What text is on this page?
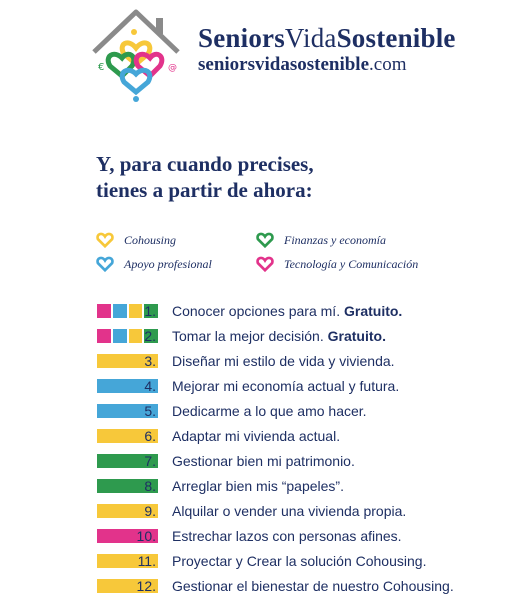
€	@
SeniorsVidaSostenible
seniorsvidasostenible.com
Y, para cuando precises,
tienes a partir de ahora:
Cohousing	Finanzas y economía
Apoyo profesional	Tecnología y Comunicación
1. Conocer opciones para mí. Gratuito.
2. Tomar la mejor decisión. Gratuito.
3. Diseñar mi estilo de vida y vivienda.
4. Mejorar mi economía actual y futura.
5. Dedicarme a lo que amo hacer.
6. Adaptar mi vivienda actual.
7. Gestionar bien mi patrimonio.
8. Arreglar bien mis “papeles”.
9. Alquilar o vender una vivienda propia.
10. Estrechar lazos con personas afines.
11. Proyectar y Crear la solución Cohousing.
12. Gestionar el bienestar de nuestro Cohousing.
